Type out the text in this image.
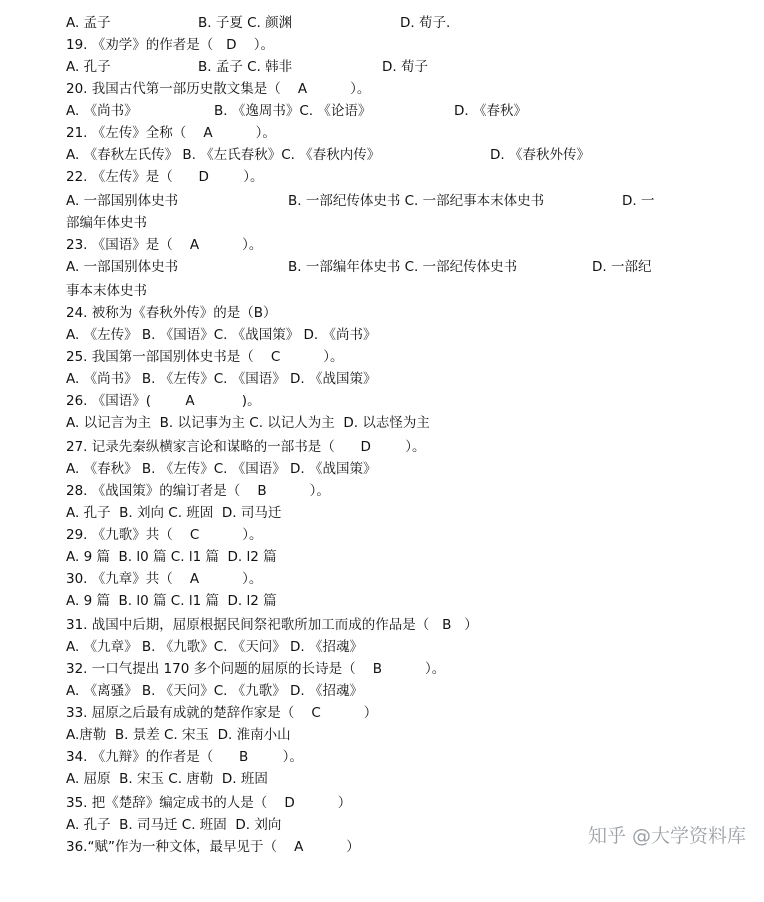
A. 孟子

	B. 子夏 C. 颜渊

	D. 荀子.

19. 《劝学》的作者是（   D    ）。

A. 孔子

	B. 孟子 C. 韩非

	D. 荀子

20. 我国古代第一部历史散文集是（    A          ）。

A. 《尚书》

	B. 《逸周书》C. 《论语》

	D. 《春秋》

21. 《左传》全称（    A          ）。

A. 《春秋左氏传》 B. 《左氏春秋》C. 《春秋内传》

	D. 《春秋外传》

22. 《左传》是（      D        ）。

A. 一部国别体史书

	B. 一部纪传体史书 C. 一部纪事本末体史书

	D. 一

部编年体史书

23. 《国语》是（    A          ）。

A. 一部国别体史书

	B. 一部编年体史书 C. 一部纪传体史书

	D. 一部纪

事本末体史书

24. 被称为《春秋外传》的是（B）

A. 《左传》 B. 《国语》C. 《战国策》 D. 《尚书》

25. 我国第一部国别体史书是（    C          ）。

A. 《尚书》 B. 《左传》C. 《国语》 D. 《战国策》

26. 《国语》(        A           )。

A. 以记言为主  B. 以记事为主 C. 以记人为主  D. 以志怪为主

27. 记录先秦纵横家言论和谋略的一部书是（      D        ）。

A. 《春秋》 B. 《左传》C. 《国语》 D. 《战国策》

28. 《战国策》的编订者是（    B          ）。

A. 孔子  B. 刘向 C. 班固  D. 司马迁

29. 《九歌》共（    C          ）。

A. 9 篇  B. l0 篇 C. l1 篇  D. l2 篇

30. 《九章》共（    A          ）。

A. 9 篇  B. l0 篇 C. l1 篇  D. l2 篇

31. 战国中后期，屈原根据民间祭祀歌所加工而成的作品是（   B   ）

A. 《九章》 B. 《九歌》C. 《天问》 D. 《招魂》

32. 一口气提出 170 多个问题的屈原的长诗是（    B          ）。

A. 《离骚》 B. 《天问》C. 《九歌》 D. 《招魂》

33. 屈原之后最有成就的楚辞作家是（    C          ）

A.唐勒  B. 景差 C. 宋玉  D. 淮南小山

34. 《九辩》的作者是（      B        ）。

A. 屈原  B. 宋玉 C. 唐勒  D. 班固

35. 把《楚辞》编定成书的人是（    D          ）

A. 孔子  B. 司马迁 C. 班固  D. 刘向

36.“赋”作为一种文体，最早见于（    A          ）

	知乎 @大学资料库
